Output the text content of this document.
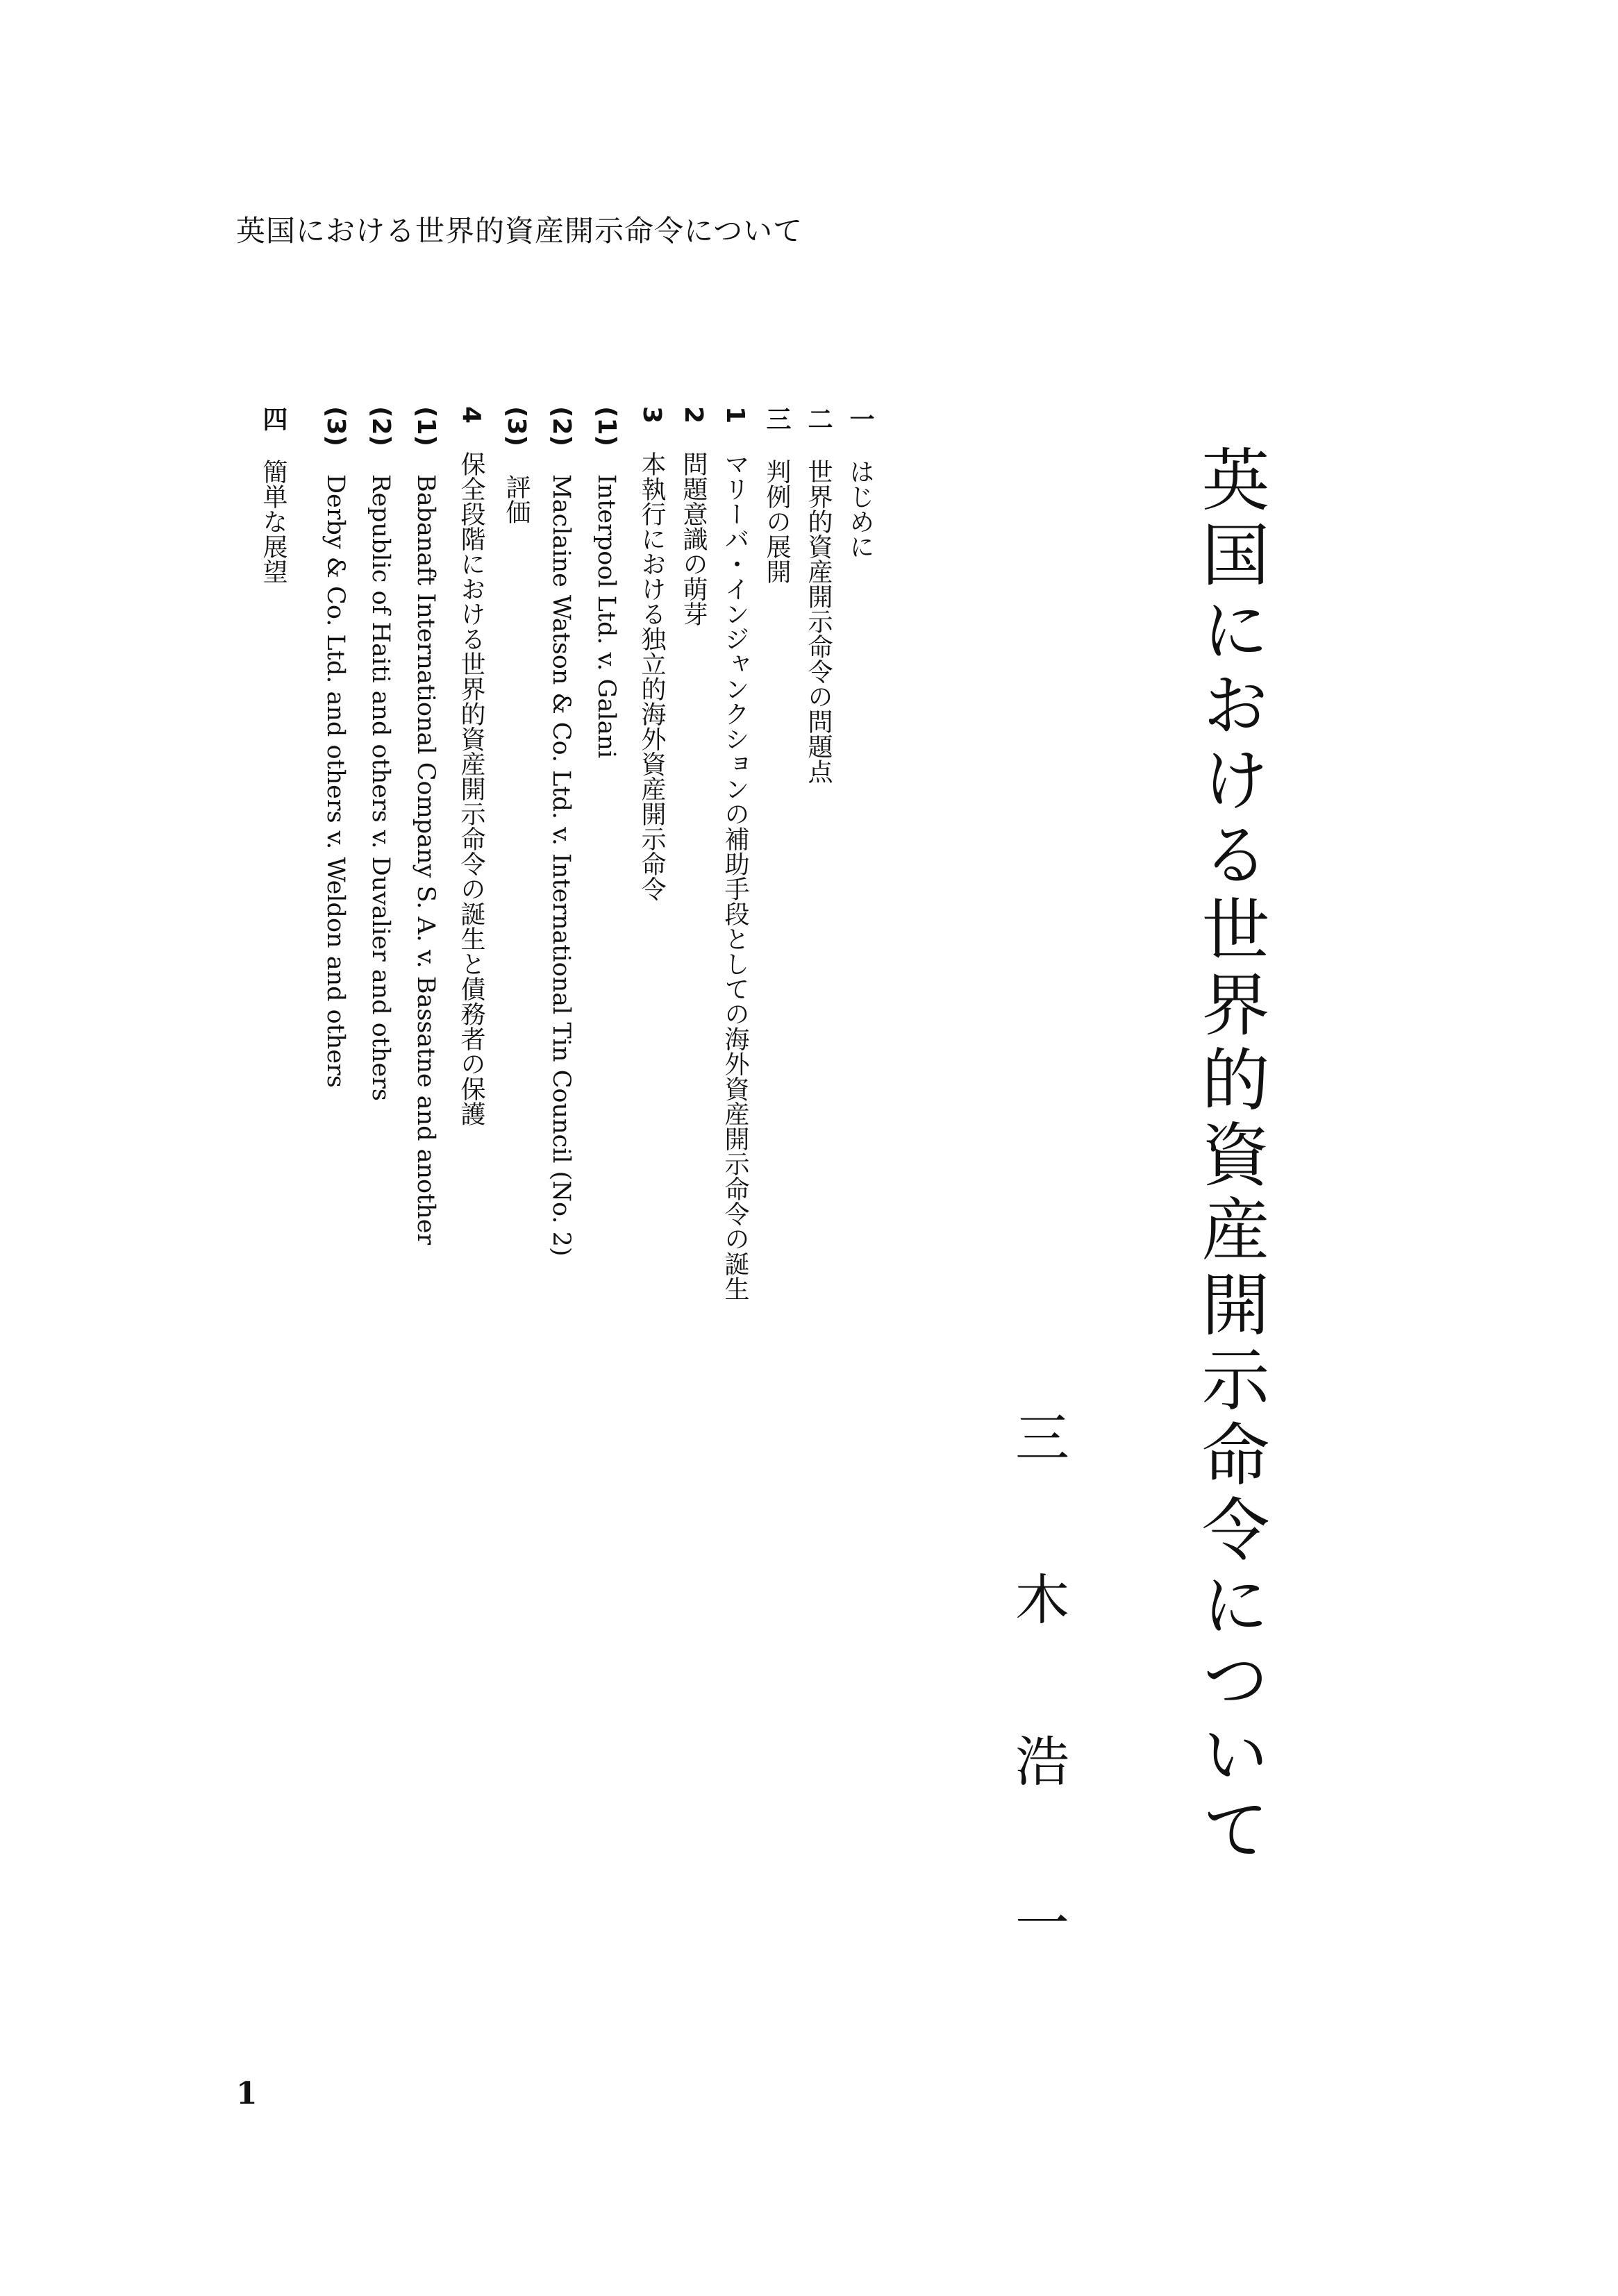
英国における世界的資産開示命令について
英国における世界的資産開示命令について
三木浩一
一はじめに
二世界的資産開示命令の問題点
三判例の展開
1マリーバ・インジャンクションの補助手段としての海外資産開示命令の誕生
2問題意識の萌芽
3本執行における独立的海外資産開示命令
(1)Interpool Ltd. v. Galani
(2)Maclaine Watson & Co. Ltd. v. International Tin Council (No. 2)
(3)評価
4保全段階における世界的資産開示命令の誕生と債務者の保護
(1)Babanaft International Company S. A. v. Bassatne and another
(2)Republic of Haiti and others v. Duvalier and others
(3)Derby & Co. Ltd. and others v. Weldon and others
四簡単な展望
1
